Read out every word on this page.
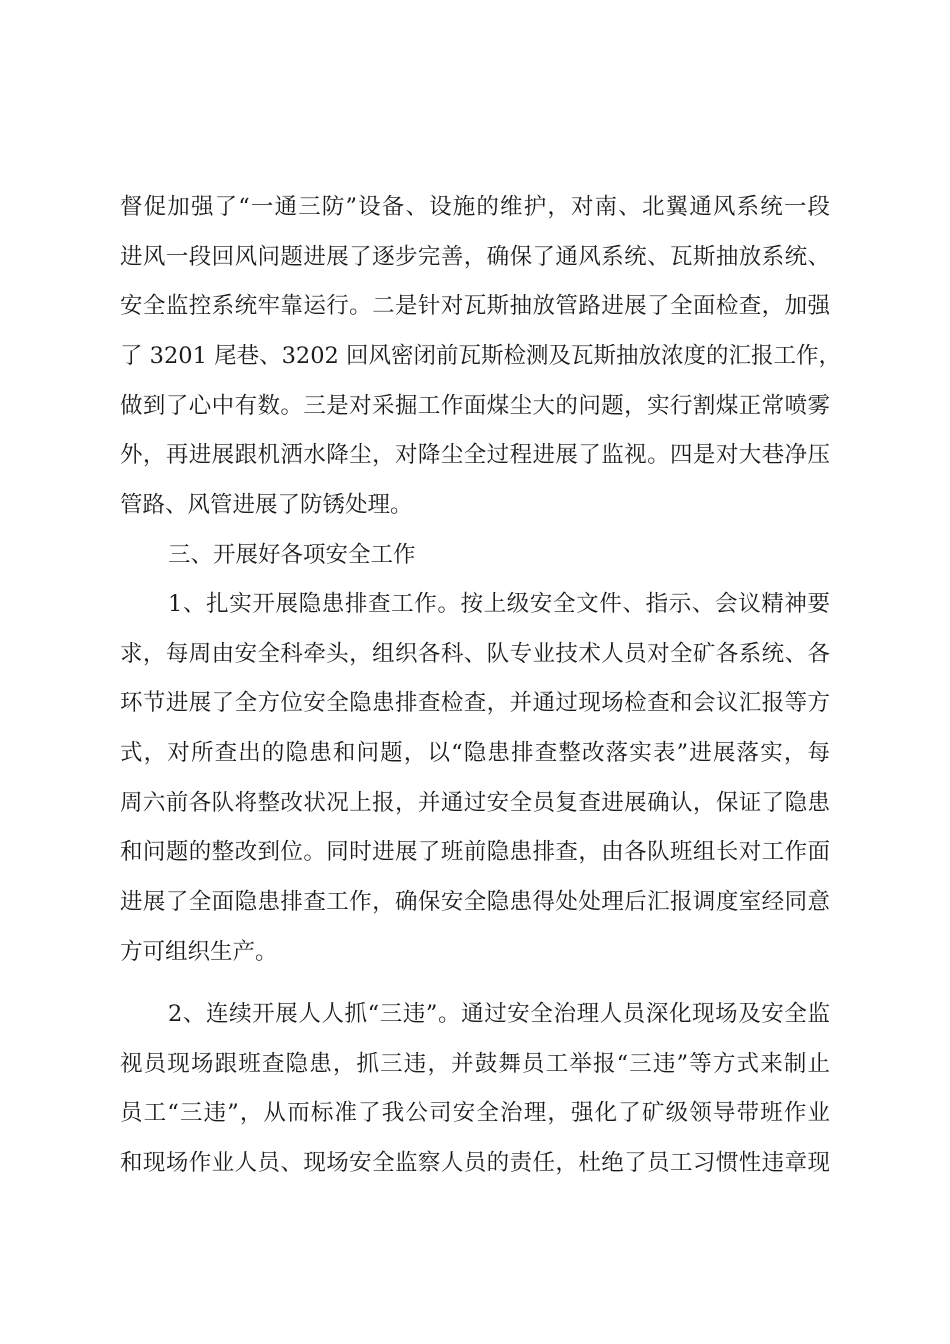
督促加强了“一通三防”设备、设施的维护，对南、北翼通风系统一段
进风一段回风问题进展了逐步完善，确保了通风系统、瓦斯抽放系统、
安全监控系统牢靠运行。二是针对瓦斯抽放管路进展了全面检查，加强
了 3201 尾巷、3202 回风密闭前瓦斯检测及瓦斯抽放浓度的汇报工作，
做到了心中有数。三是对采掘工作面煤尘大的问题，实行割煤正常喷雾
外，再进展跟机洒水降尘，对降尘全过程进展了监视。四是对大巷净压
管路、风管进展了防锈处理。
三、开展好各项安全工作
1、扎实开展隐患排查工作。按上级安全文件、指示、会议精神要
求，每周由安全科牵头，组织各科、队专业技术人员对全矿各系统、各
环节进展了全方位安全隐患排查检查，并通过现场检查和会议汇报等方
式，对所查出的隐患和问题，以“隐患排查整改落实表”进展落实，每
周六前各队将整改状况上报，并通过安全员复查进展确认，保证了隐患
和问题的整改到位。同时进展了班前隐患排查，由各队班组长对工作面
进展了全面隐患排查工作，确保安全隐患得处处理后汇报调度室经同意
方可组织生产。
2、连续开展人人抓“三违”。通过安全治理人员深化现场及安全监
视员现场跟班查隐患，抓三违，并鼓舞员工举报“三违”等方式来制止
员工“三违”，从而标准了我公司安全治理，强化了矿级领导带班作业
和现场作业人员、现场安全监察人员的责任，杜绝了员工习惯性违章现
